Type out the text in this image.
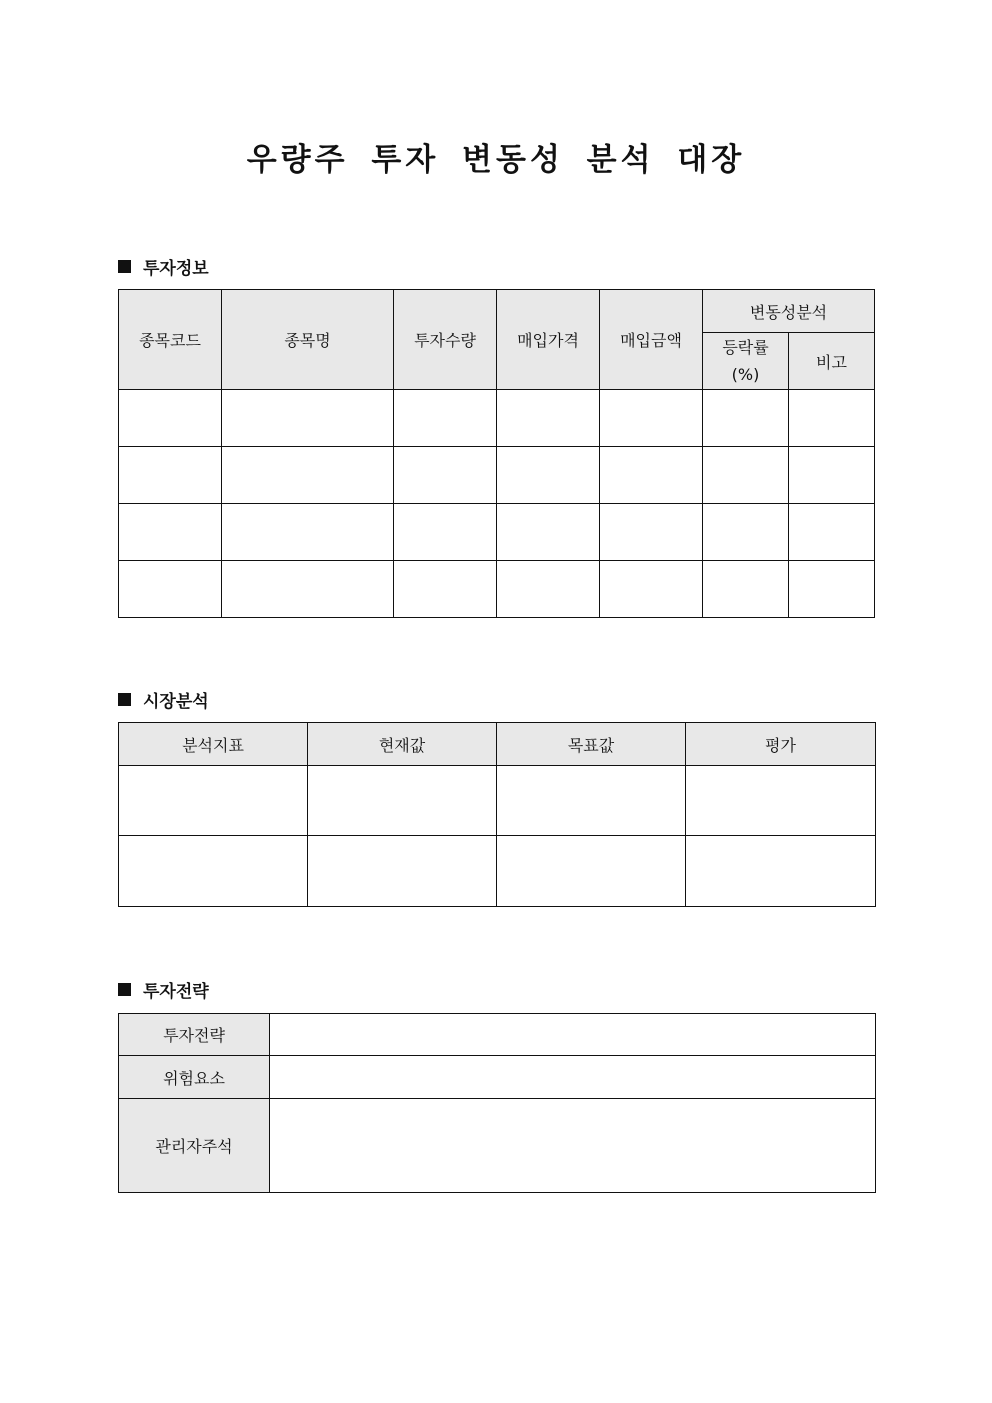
우량주 투자 변동성 분석 대장
투자정보
종목코드	종목명	투자수량	매입가격	매입금액	변동성분석	
					등락률(%)	비고

시장분석
분석지표	현재값	목표값	평가

투자전략
투자전략	
위험요소	
관리자주석	
